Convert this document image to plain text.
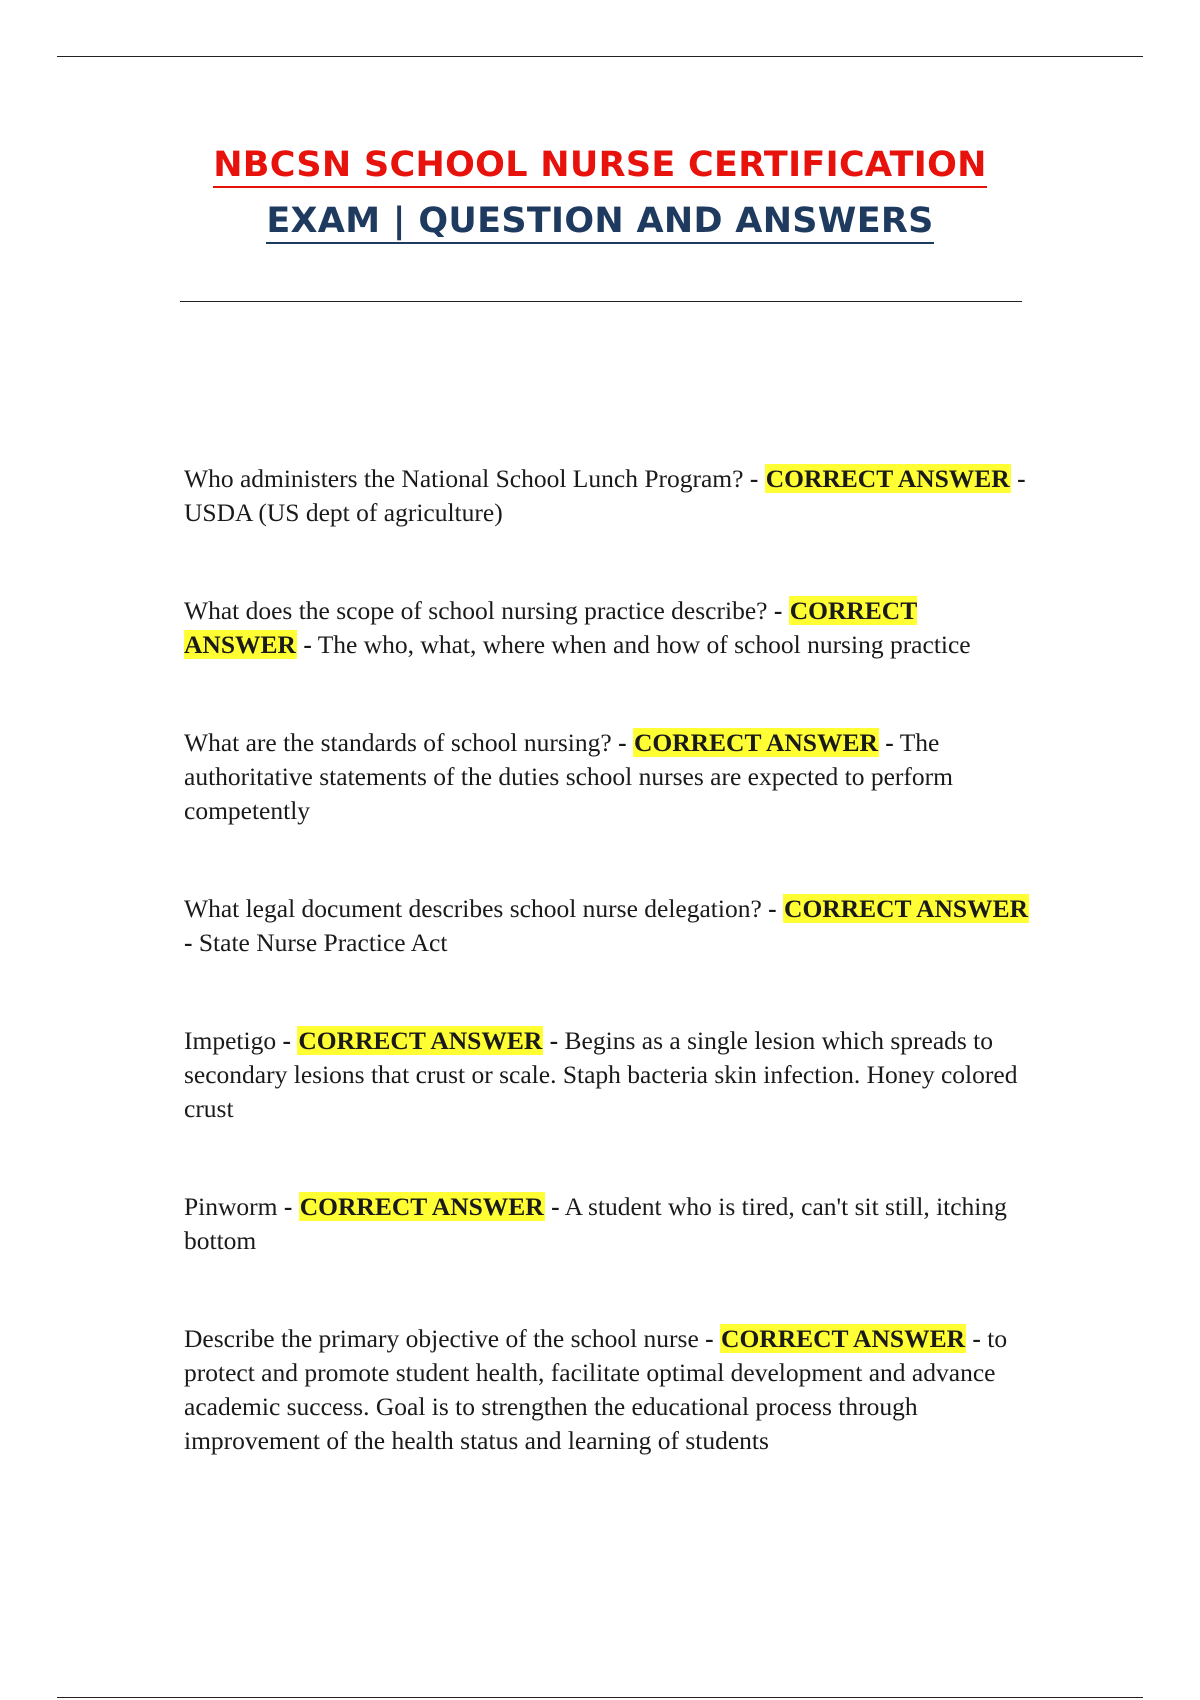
NBCSN SCHOOL NURSE CERTIFICATION
EXAM | QUESTION AND ANSWERS

Who administers the National School Lunch Program? - CORRECT ANSWER - USDA (US dept of agriculture)

What does the scope of school nursing practice describe? - CORRECT ANSWER - The who, what, where when and how of school nursing practice

What are the standards of school nursing? - CORRECT ANSWER - The authoritative statements of the duties school nurses are expected to perform competently

What legal document describes school nurse delegation? - CORRECT ANSWER - State Nurse Practice Act

Impetigo - CORRECT ANSWER - Begins as a single lesion which spreads to secondary lesions that crust or scale. Staph bacteria skin infection. Honey colored crust

Pinworm - CORRECT ANSWER - A student who is tired, can't sit still, itching bottom

Describe the primary objective of the school nurse - CORRECT ANSWER - to protect and promote student health, facilitate optimal development and advance academic success. Goal is to strengthen the educational process through improvement of the health status and learning of students
